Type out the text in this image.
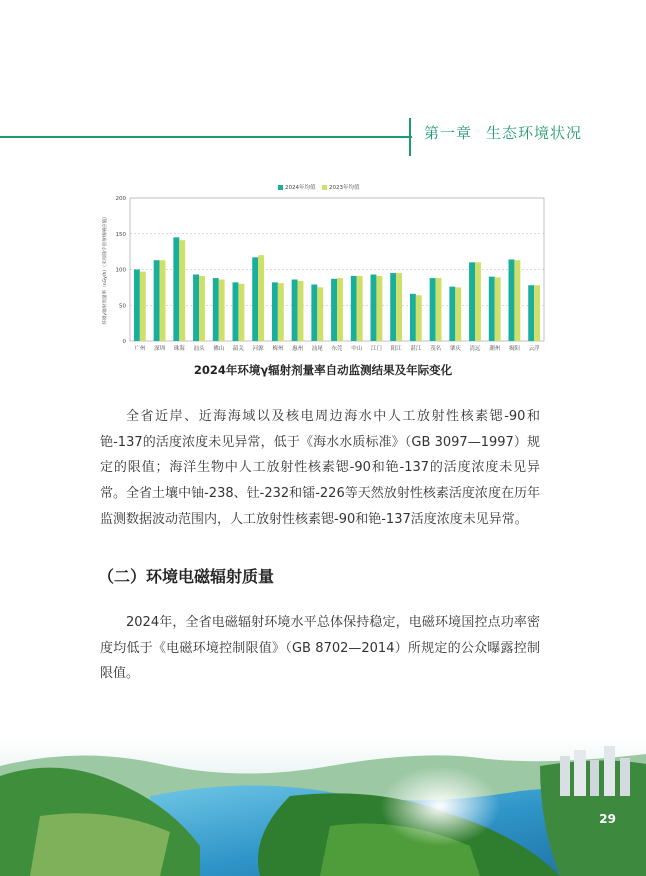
第一章 生态环境状况
0
50
100
150
200
广州 深圳 珠海 汕头 佛山 韶关 河源 梅州 惠州 汕尾 东莞 中山 江门 阳江 湛江 茂名 肇庆 清远 潮州 揭阳 云浮
2024年均值 2023年均值
环境γ辐射剂量率（nGy/h）（未扣除宇宙射线响应值）
2024年环境γ辐射剂量率自动监测结果及年际变化
全省近岸、近海海域以及核电周边海水中人工放射性核素锶-90和铯-137的活度浓度未见异常，低于《海水水质标准》（GB 3097—1997）规定的限值；海洋生物中人工放射性核素锶-90和铯-137的活度浓度未见异常。 全省土壤中铀-238、钍-232和镭-226等天然放射性核素活度浓度在历年监测数据波动范围内，人工放射性核素锶-90和铯-137活度浓度未见异常。
（二）环境电磁辐射质量
2024年，全省电磁辐射环境水平总体保持稳定，电磁环境国控点功率密度均低于《电磁环境控制限值》（GB 8702—2014）所规定的公众曝露控制限值。
29
